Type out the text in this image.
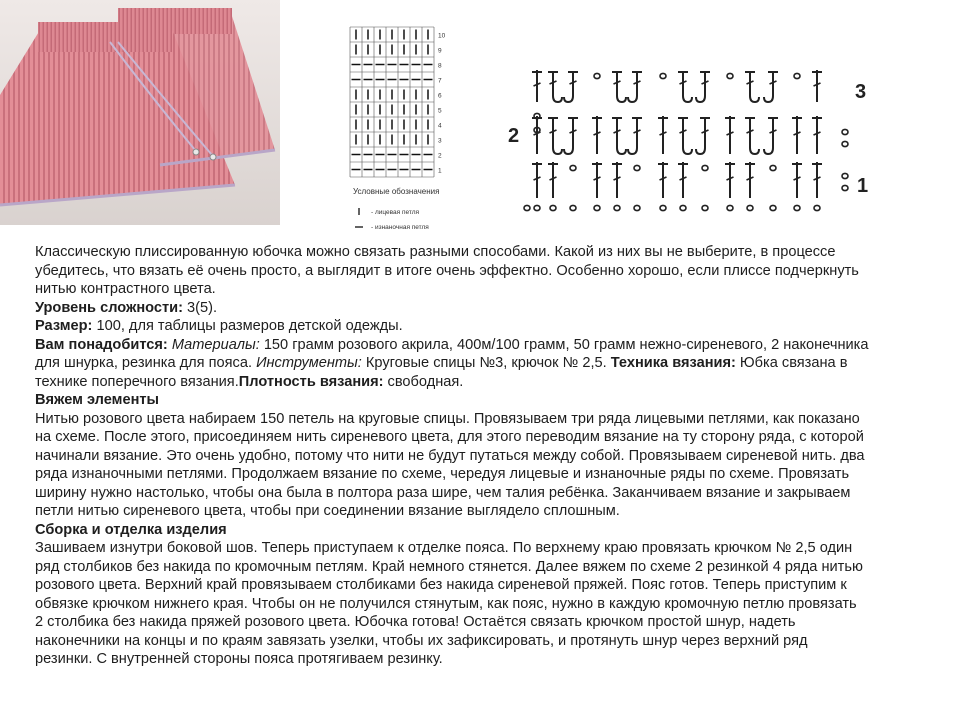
10
9
8
7
6
5
4
3
2
1
Условные обозначения
- лицевая петля
- изнаночная петля
3
2
1

Классическую плиссированную юбочка можно связать разными способами. Какой из них вы не выберите, в процессе

убедитесь, что вязать её очень просто, а выглядит в итоге очень эффектно. Особенно хорошо, если плиссе подчеркнуть

нитью контрастного цвета.

Уровень сложности: 3(5).

Размер: 100, для таблицы размеров детской одежды.

Вам понадобится: Материалы: 150 грамм розового акрила, 400м/100 грамм, 50 грамм нежно-сиреневого, 2 наконечника

для шнурка, резинка для пояса. Инструменты: Круговые спицы №3, крючок № 2,5. Техника вязания: Юбка связана в

технике поперечного вязания.Плотность вязания: свободная.

Вяжем элементы

Нитью розового цвета набираем 150 петель на круговые спицы. Провязываем три ряда лицевыми петлями, как показано

на схеме. После этого, присоединяем нить сиреневого цвета, для этого переводим вязание на ту сторону ряда, с которой

начинали вязание. Это очень удобно, потому что нити не будут путаться между собой. Провязываем сиреневой нить. два

ряда изнаночными петлями. Продолжаем вязание по схеме, чередуя лицевые и изнаночные ряды по схеме. Провязать

ширину нужно настолько, чтобы она была в полтора раза шире, чем талия ребёнка. Заканчиваем вязание и закрываем

петли нитью сиреневого цвета, чтобы при соединении вязание выглядело сплошным.

Сборка и отделка изделия

Зашиваем изнутри боковой шов. Теперь приступаем к отделке пояса. По верхнему краю провязать крючком № 2,5 один

ряд столбиков без накида по кромочным петлям. Край немного стянется. Далее вяжем по схеме 2 резинкой 4 ряда нитью

розового цвета. Верхний край провязываем столбиками без накида сиреневой пряжей. Пояс готов. Теперь приступим к

обвязке крючком нижнего края. Чтобы он не получился стянутым, как пояс, нужно в каждую кромочную петлю провязать

2 столбика без накида пряжей розового цвета. Юбочка готова! Остаётся связать крючком простой шнур, надеть

наконечники на концы и по краям завязать узелки, чтобы их зафиксировать, и протянуть шнур через верхний ряд

резинки. С внутренней стороны пояса протягиваем резинку.
